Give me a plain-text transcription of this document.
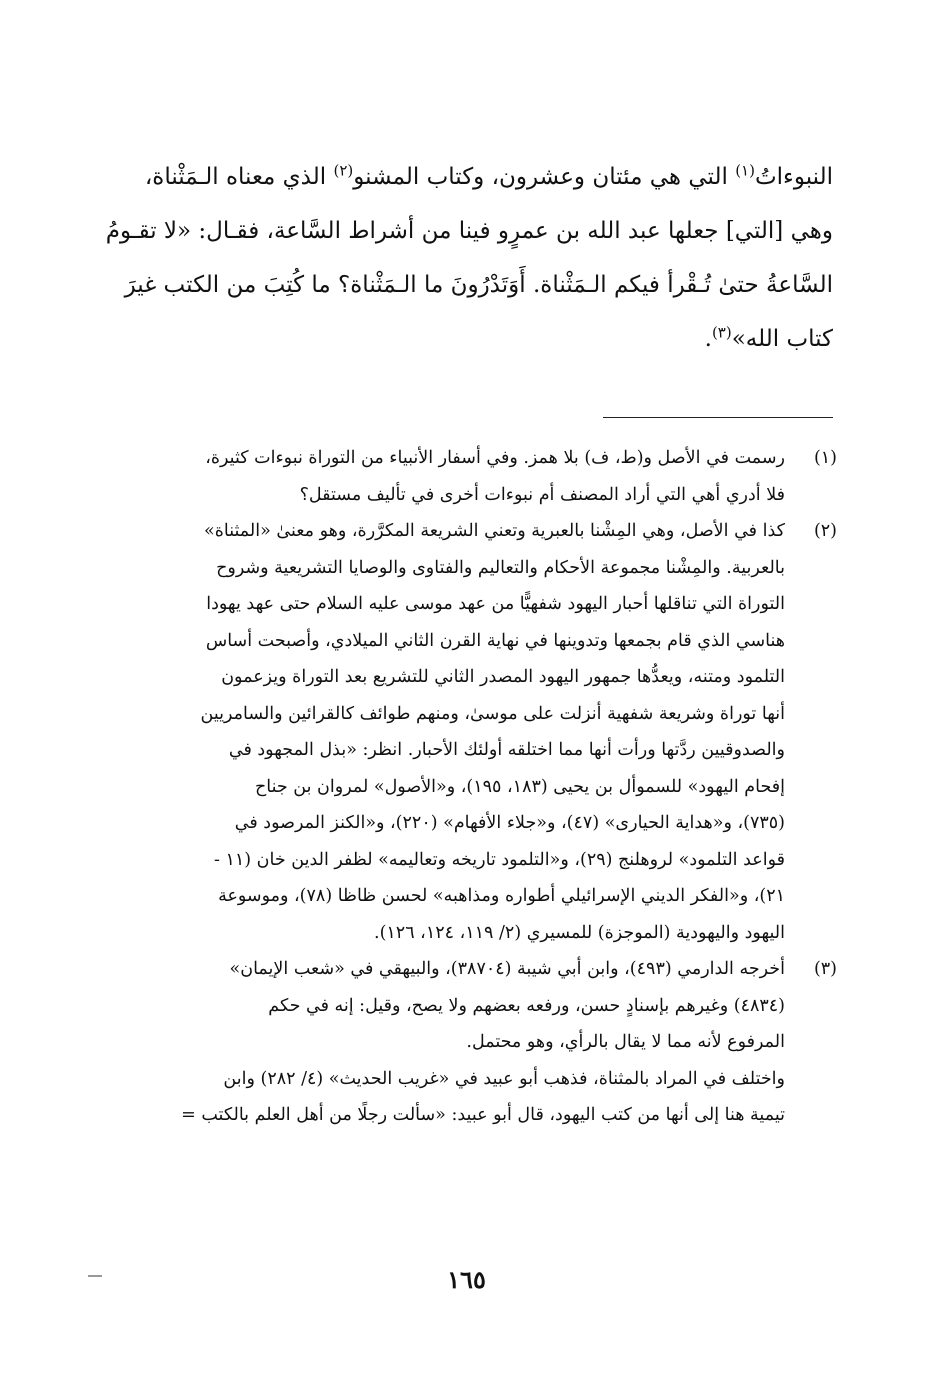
النبوءاتُ$^{(١)}$ التي هي مئتان وعشرون، وكتاب المشنو$^{(٢)}$ الذي معناه الـمَثْناة،
وهي [التي] جعلها عبد الله بن عمرٍو فينا من أشراط السَّاعة، فقـال: «لا تقـومُ
السَّاعةُ حتىٰ تُـقْرأ فيكم الـمَثْناة. أَوَتَدْرُونَ ما الـمَثْناة؟ ما كُتِبَ من الكتب غيرَ
كتاب الله»$^{(٣)}$.
(١)
رسمت في الأصل و(ط، ف) بلا همز. وفي أسفار الأنبياء من التوراة نبوءات كثيرة،
فلا أدري أهي التي أراد المصنف أم نبوءات أخرى في تأليف مستقل؟
(٢)
كذا في الأصل، وهي المِشْنا بالعبرية وتعني الشريعة المكرَّرة، وهو معنىٰ «المثناة»
بالعربية. والمِشْنا مجموعة الأحكام والتعاليم والفتاوى والوصايا التشريعية وشروح
التوراة التي تناقلها أحبار اليهود شفهيًّا من عهد موسى عليه السلام حتى عهد يهودا
هناسي الذي قام بجمعها وتدوينها في نهاية القرن الثاني الميلادي، وأصبحت أساس
التلمود ومتنه، ويعدُّها جمهور اليهود المصدر الثاني للتشريع بعد التوراة ويزعمون
أنها توراة وشريعة شفهية أنزلت على موسىٰ، ومنهم طوائف كالقرائين والسامريين
والصدوقيين ردَّتها ورأت أنها مما اختلقه أولئك الأحبار. انظر: «بذل المجهود في
إفحام اليهود» للسموأل بن يحيى (١٨٣، ١٩٥)، و«الأصول» لمروان بن جناح
(٧٣٥)، و«هداية الحيارى» (٤٧)، و«جلاء الأفهام» (٢٢٠)، و«الكنز المرصود في
قواعد التلمود» لروهلنج (٢٩)، و«التلمود تاريخه وتعاليمه» لظفر الدين خان (١١ -
٢١)، و«الفكر الديني الإسرائيلي أطواره ومذاهبه» لحسن ظاظا (٧٨)، وموسوعة
اليهود واليهودية (الموجزة) للمسيري (٢/ ١١٩، ١٢٤، ١٢٦).
(٣)
أخرجه الدارمي (٤٩٣)، وابن أبي شيبة (٣٨٧٠٤)، والبيهقي في «شعب الإيمان»
(٤٨٣٤) وغيرهم بإسنادٍ حسن، ورفعه بعضهم ولا يصح، وقيل: إنه في حكم
المرفوع لأنه مما لا يقال بالرأي، وهو محتمل.
واختلف في المراد بالمثناة، فذهب أبو عبيد في «غريب الحديث» (٤/ ٢٨٢) وابن
تيمية هنا إلى أنها من كتب اليهود، قال أبو عبيد: «سألت رجلًا من أهل العلم بالكتب =
١٦٥
